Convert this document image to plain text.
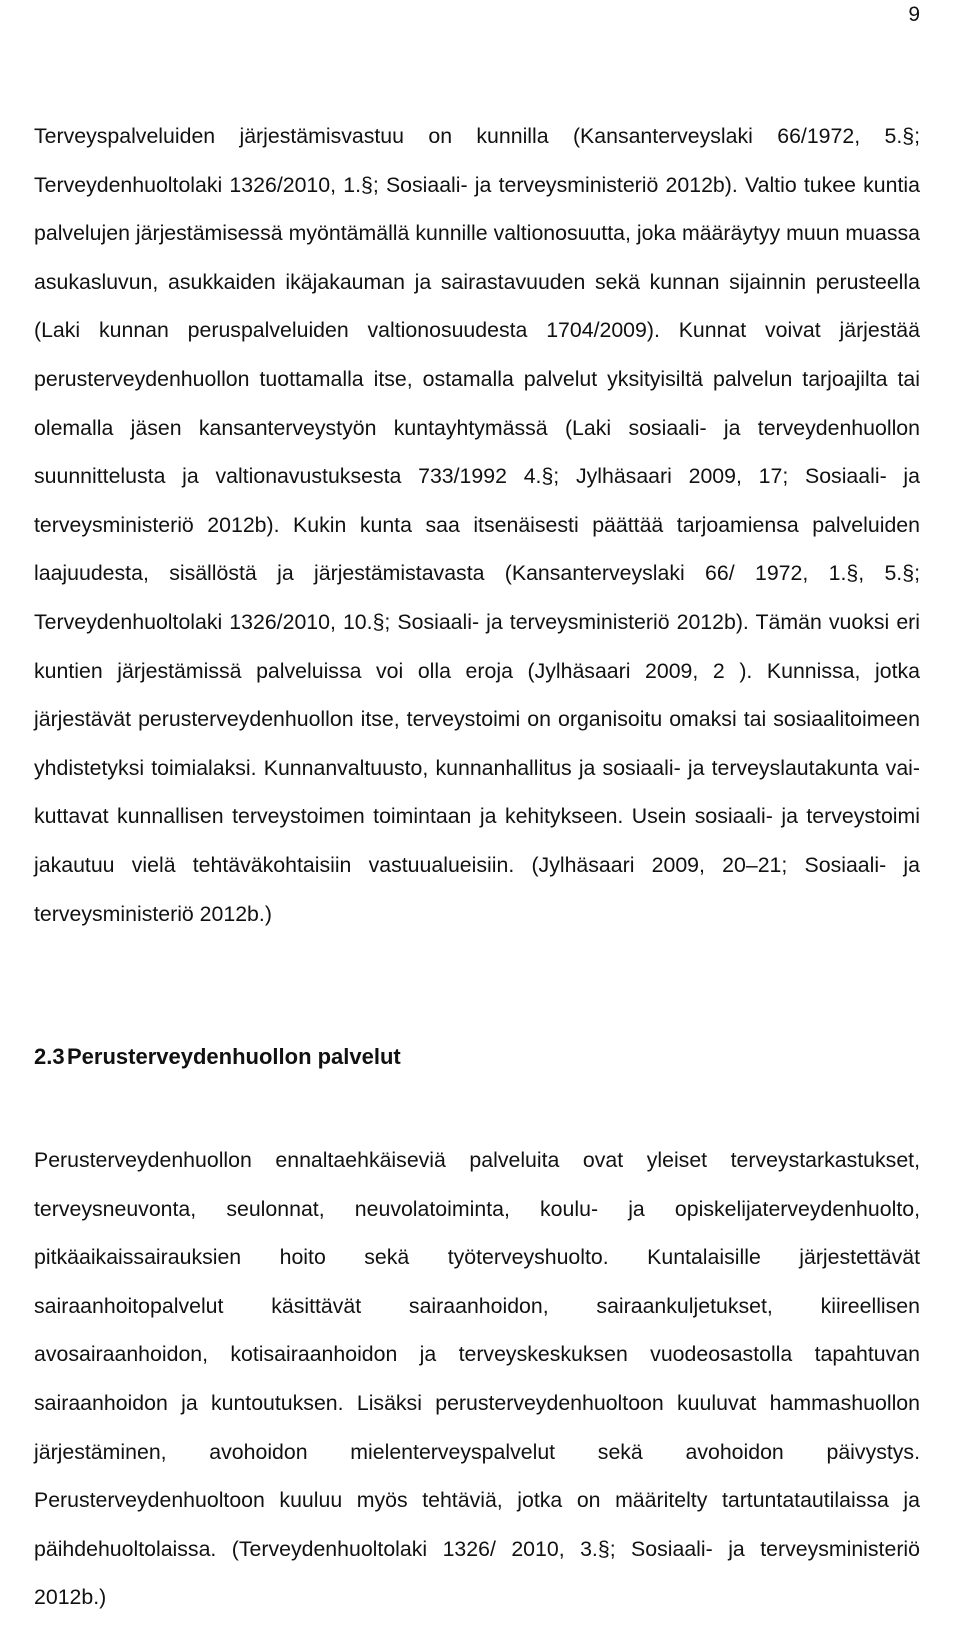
9

Terveyspalveluiden järjestämisvastuu on kunnilla (Kansanterveyslaki 66/1972, 5.§; Terveydenhuoltolaki 1326/2010, 1.§; Sosiaali- ja terveysministeriö 2012b). Valtio tukee kuntia palvelujen järjestämisessä myöntämällä kunnille valtionosuutta, joka määräytyy muun muassa asukasluvun, asukkaiden ikäjakauman ja sairastavuuden sekä kunnan sijainnin perusteella (Laki kunnan peruspalveluiden valtionosuudesta 1704/2009). Kunnat voivat järjestää perusterveydenhuollon tuottamalla itse, ostamalla palvelut yksityisiltä palvelun tarjoajilta tai olemalla jäsen kansanterveystyön kuntayhtymässä (Laki sosiaali- ja terveydenhuollon suunnittelusta ja valtionavustuksesta 733/1992 4.§; Jylhäsaari 2009, 17; Sosiaali- ja terveysministeriö 2012b). Kukin kunta saa itsenäisesti päättää tarjoamiensa palveluiden laajuudesta, sisällöstä ja järjestämistavasta (Kansanterveyslaki 66/ 1972, 1.§, 5.§; Terveydenhuoltolaki 1326/2010, 10.§; Sosiaali- ja terveysministeriö 2012b). Tämän vuoksi eri kuntien järjestämissä palveluissa voi olla eroja (Jylhäsaari 2009, 2 ). Kunnissa, jotka järjestävät perusterveydenhuollon itse, terveystoimi on organisoitu omaksi tai sosiaalitoimeen yhdistetyksi toimialaksi. Kunnanvaltuusto, kunnanhallitus ja sosiaali- ja terveyslautakunta vaikuttavat kunnallisen terveystoimen toimintaan ja kehitykseen. Usein sosiaali- ja terveystoimi jakautuu vielä tehtäväkohtaisiin vastuualueisiin. (Jylhäsaari 2009, 20–21; Sosiaali- ja terveysministeriö 2012b.)

2.3 Perusterveydenhuollon palvelut

Perusterveydenhuollon ennaltaehkäiseviä palveluita ovat yleiset terveystarkastukset, terveysneuvonta, seulonnat, neuvolatoiminta, koulu- ja opiskelijaterveydenhuolto, pitkäaikaissairauksien hoito sekä työterveyshuolto. Kuntalaisille järjestettävät sairaanhoitopalvelut käsittävät sairaanhoidon, sairaankuljetukset, kiireellisen avosairaanhoidon, kotisairaanhoidon ja terveyskeskuksen vuodeosastolla tapahtuvan sairaanhoidon ja kuntoutuksen. Lisäksi perusterveydenhuoltoon kuuluvat hammashuollon järjestäminen, avohoidon mielenterveyspalvelut sekä avohoidon päivystys. Perusterveydenhuoltoon kuuluu myös tehtäviä, jotka on määritelty tartuntatautilaissa ja päihdehuoltolaissa. (Terveydenhuoltolaki 1326/ 2010, 3.§; Sosiaali- ja terveysministeriö 2012b.)
